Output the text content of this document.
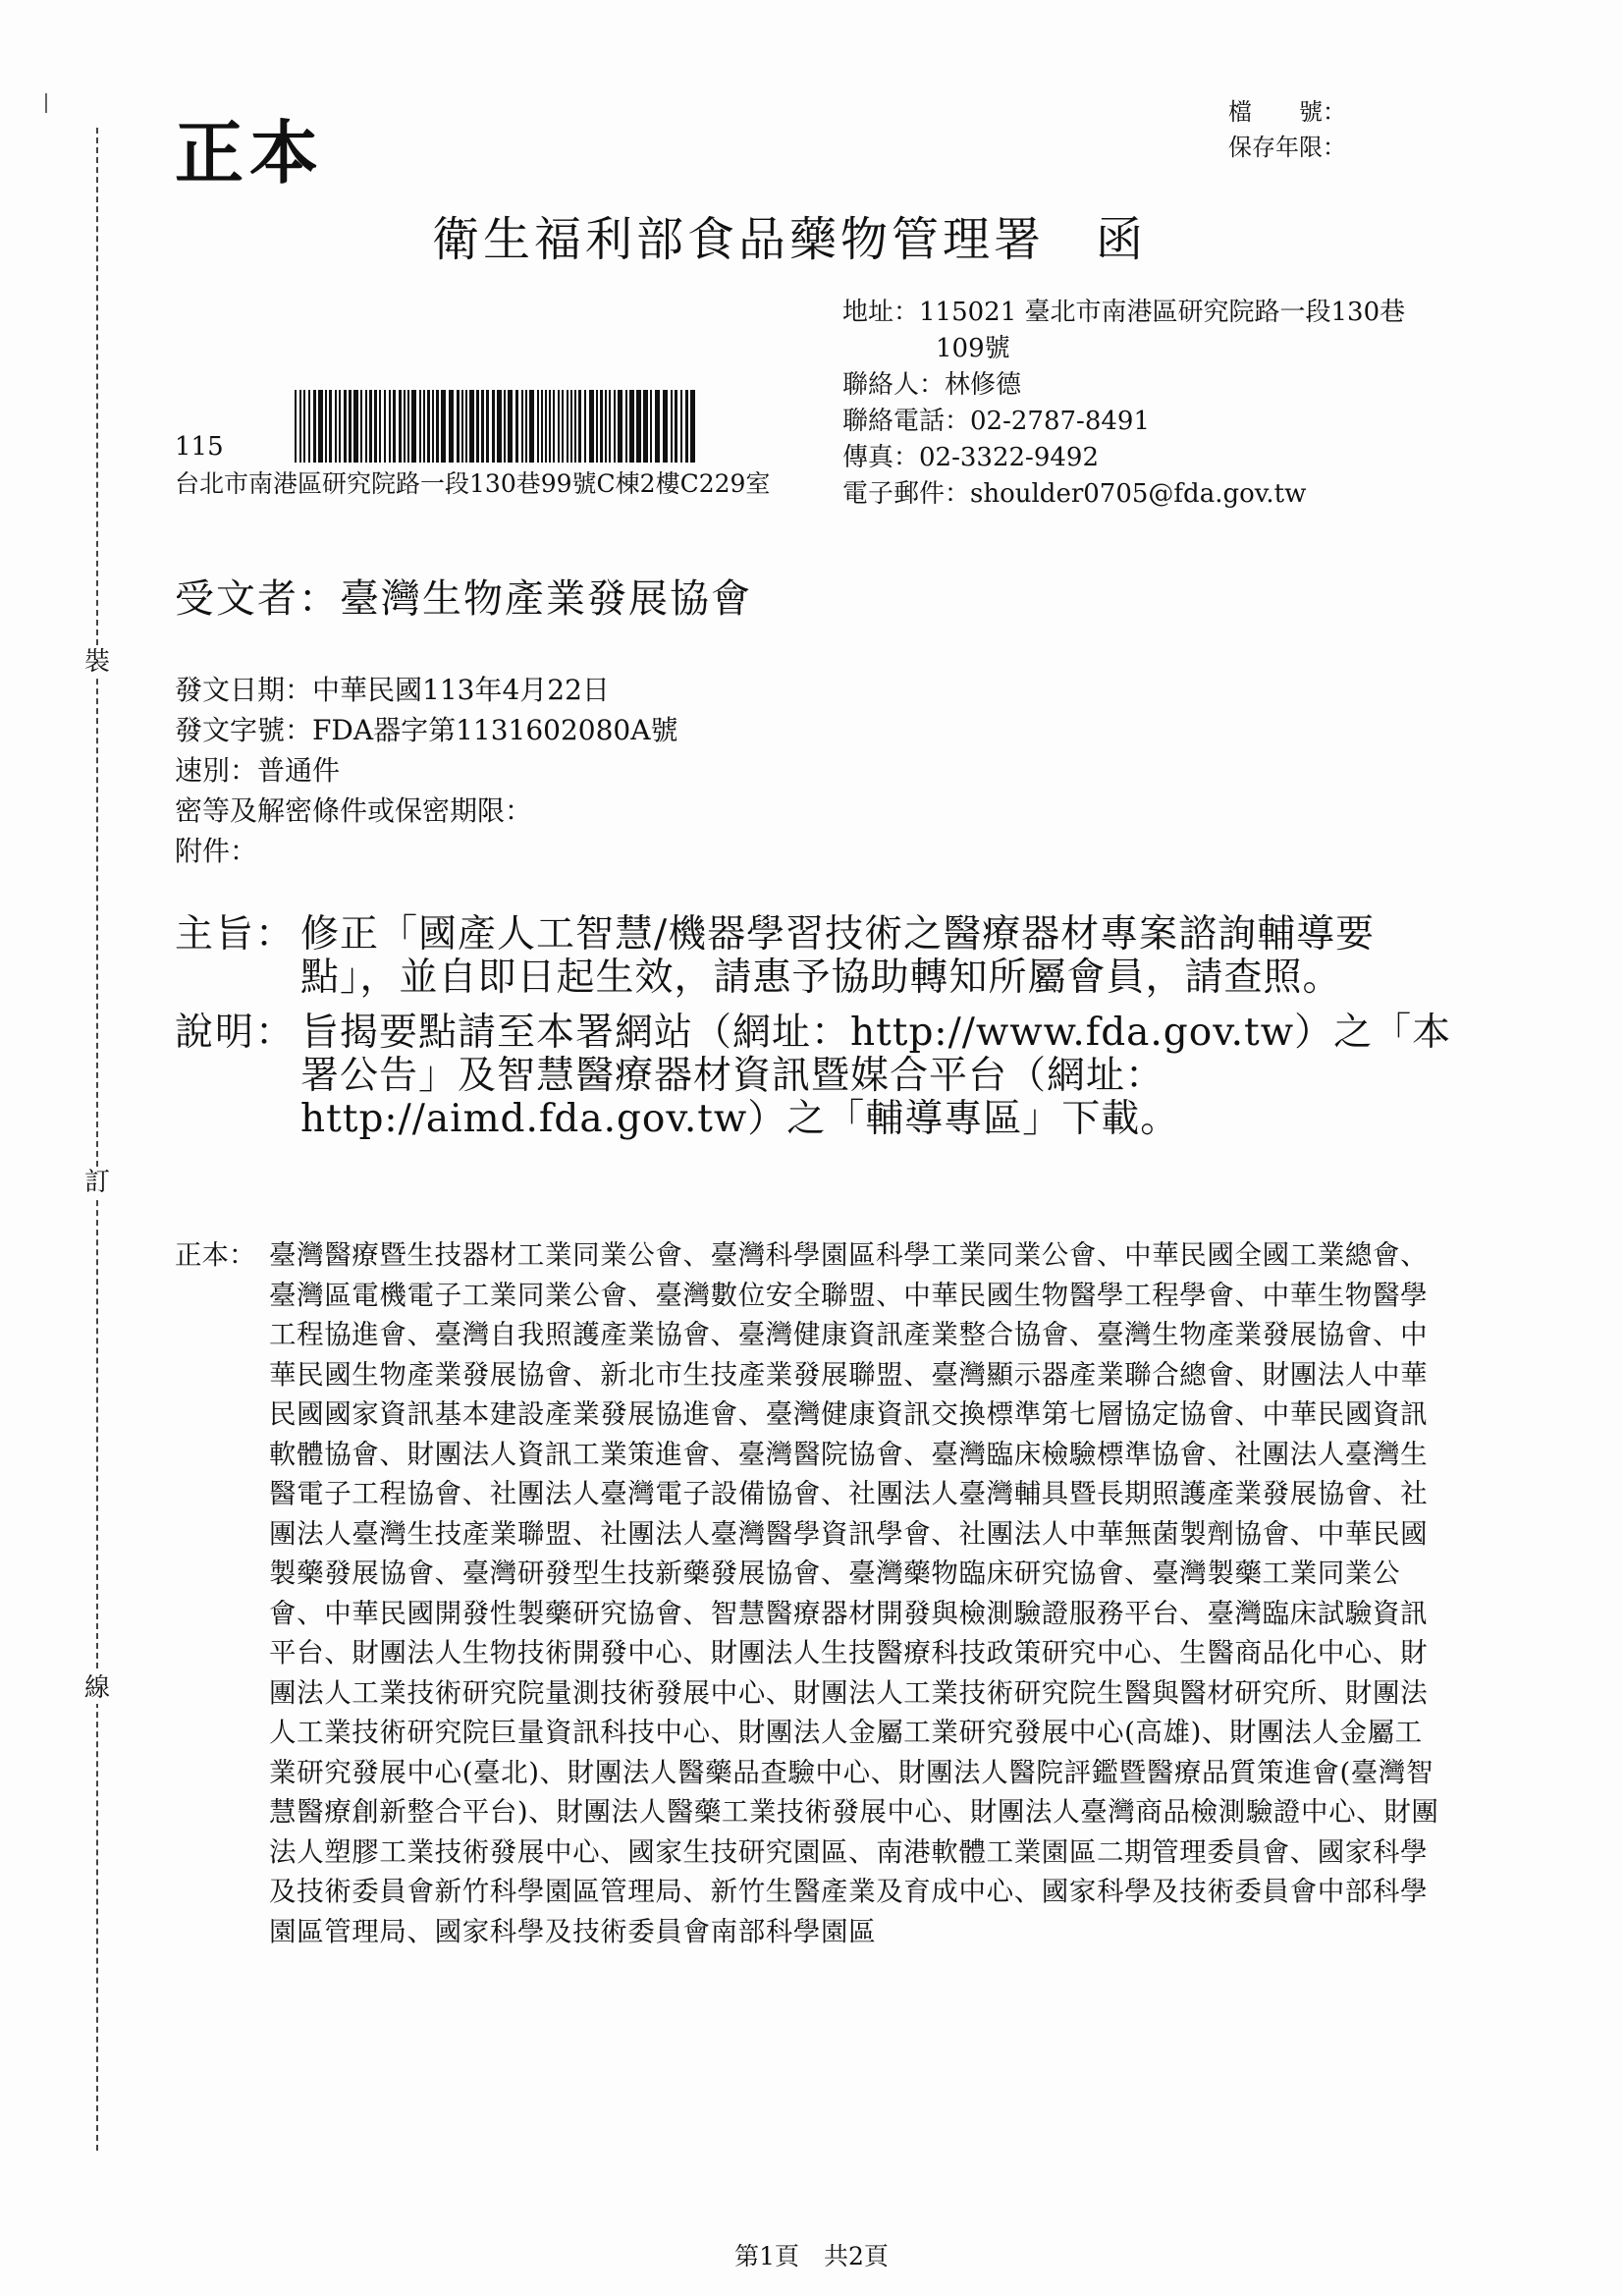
裝
訂
線
正本	檔　　號：
保存年限：
衛生福利部食品藥物管理署 函
地址：115021 臺北市南港區研究院路一段130巷
109號
聯絡人：林修德
聯絡電話：02-2787-8491
傳真：02-3322-9492
電子郵件：shoulder0705@fda.gov.tw
115
台北市南港區研究院路一段130巷99號C棟2樓C229室
受文者：臺灣生物產業發展協會
發文日期：中華民國113年4月22日
發文字號：FDA器字第1131602080A號
速別：普通件
密等及解密條件或保密期限：
附件：
主旨： 修正「國產人工智慧/機器學習技術之醫療器材專案諮詢輔導要點」，並自即日起生效，請惠予協助轉知所屬會員，請查照。
說明： 旨揭要點請至本署網站（網址：http://www.fda.gov.tw）之「本署公告」及智慧醫療器材資訊暨媒合平台（網址：http://aimd.fda.gov.tw）之「輔導專區」下載。
正本： 臺灣醫療暨生技器材工業同業公會、臺灣科學園區科學工業同業公會、中華民國全國工業總會、臺灣區電機電子工業同業公會、臺灣數位安全聯盟、中華民國生物醫學工程學會、中華生物醫學工程協進會、臺灣自我照護產業協會、臺灣健康資訊產業整合協會、臺灣生物產業發展協會、中華民國生物產業發展協會、新北市生技產業發展聯盟、臺灣顯示器產業聯合總會、財團法人中華民國國家資訊基本建設產業發展協進會、臺灣健康資訊交換標準第七層協定協會、中華民國資訊軟體協會、財團法人資訊工業策進會、臺灣醫院協會、臺灣臨床檢驗標準協會、社團法人臺灣生醫電子工程協會、社團法人臺灣電子設備協會、社團法人臺灣輔具暨長期照護產業發展協會、社團法人臺灣生技產業聯盟、社團法人臺灣醫學資訊學會、社團法人中華無菌製劑協會、中華民國製藥發展協會、臺灣研發型生技新藥發展協會、臺灣藥物臨床研究協會、臺灣製藥工業同業公會、中華民國開發性製藥研究協會、智慧醫療器材開發與檢測驗證服務平台、臺灣臨床試驗資訊平台、財團法人生物技術開發中心、財團法人生技醫療科技政策研究中心、生醫商品化中心、財團法人工業技術研究院量測技術發展中心、財團法人工業技術研究院生醫與醫材研究所、財團法人工業技術研究院巨量資訊科技中心、財團法人金屬工業研究發展中心(高雄)、財團法人金屬工業研究發展中心(臺北)、財團法人醫藥品查驗中心、財團法人醫院評鑑暨醫療品質策進會(臺灣智慧醫療創新整合平台)、財團法人醫藥工業技術發展中心、財團法人臺灣商品檢測驗證中心、財團法人塑膠工業技術發展中心、國家生技研究園區、南港軟體工業園區二期管理委員會、國家科學及技術委員會新竹科學園區管理局、新竹生醫產業及育成中心、國家科學及技術委員會中部科學園區管理局、國家科學及技術委員會南部科學園區
第1頁　共2頁
